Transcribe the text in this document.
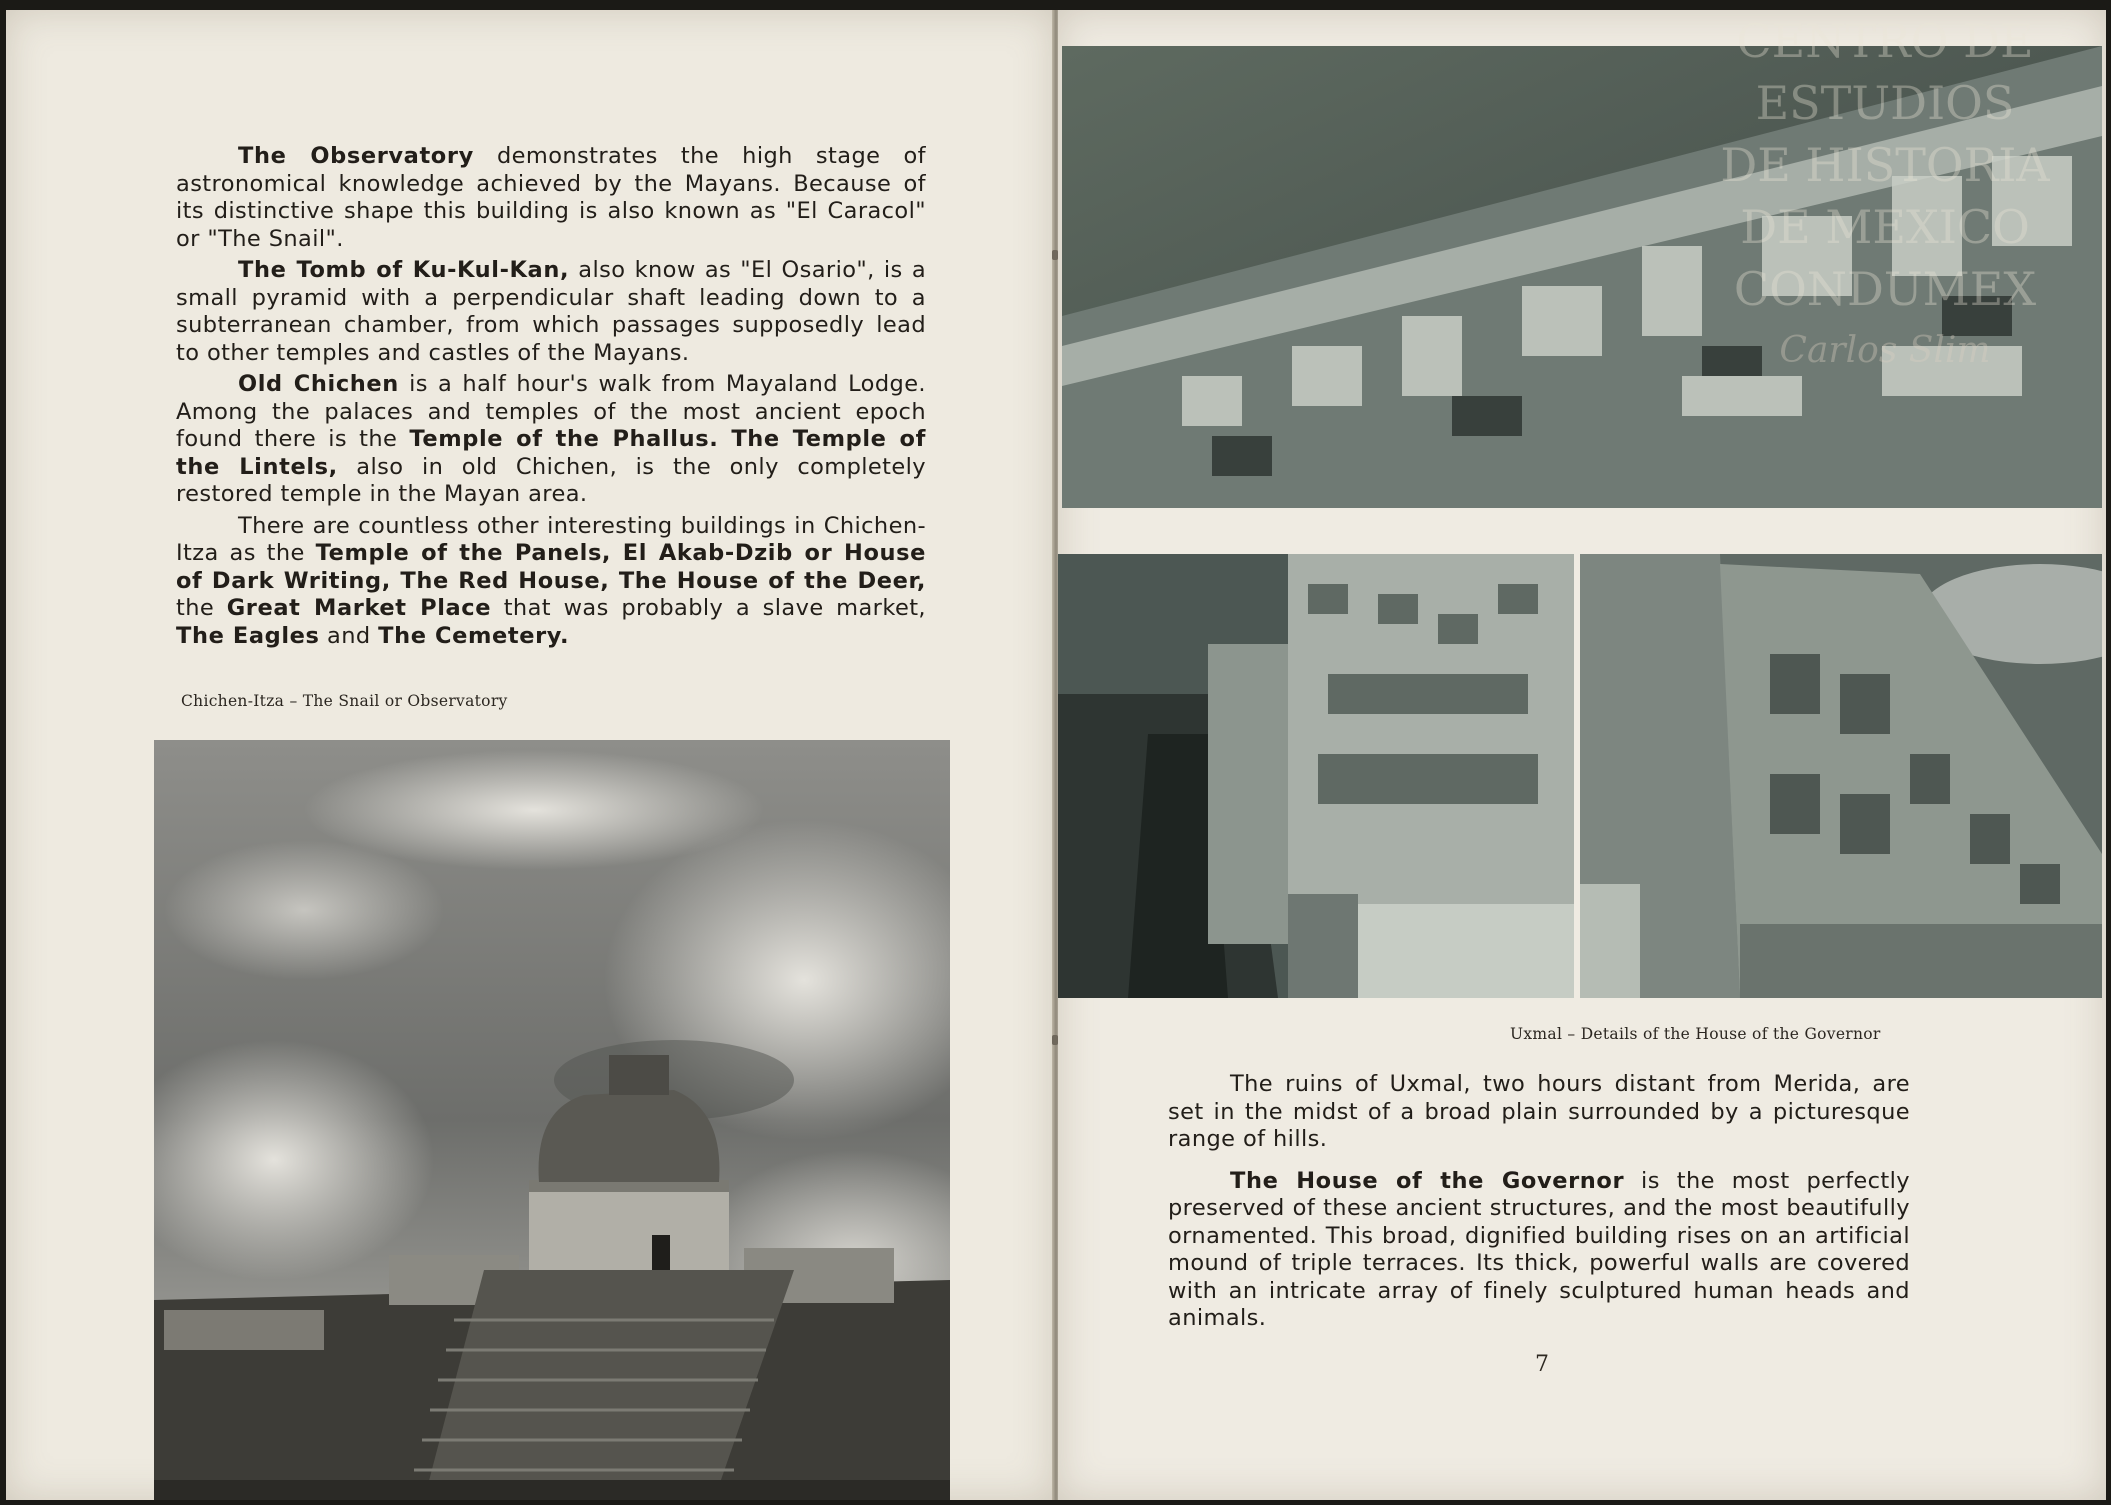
The Observatory demonstrates the high stage of astronomical knowledge achieved by the Mayans. Because of its distinctive shape this building is also known as "El Caracol" or "The Snail".

The Tomb of Ku-Kul-Kan, also know as "El Osario", is a small pyramid with a perpendicular shaft leading down to a subterranean chamber, from which passages supposedly lead to other temples and castles of the Mayans.

Old Chichen is a half hour's walk from Mayaland Lodge. Among the palaces and temples of the most ancient epoch found there is the Temple of the Phallus. The Temple of the Lintels, also in old Chichen, is the only completely restored temple in the Mayan area.

There are countless other interesting buildings in Chichen-Itza as the Temple of the Panels, El Akab-Dzib or House of Dark Writing, The Red House, The House of the Deer, the Great Market Place that was probably a slave market, The Eagles and The Cemetery.

Chichen-Itza – The Snail or Observatory
CENTRO DE
ESTUDIOS
DE HISTORIA
DE MEXICO
CONDUMEX
Carlos Slim
Uxmal – Details of the House of the Governor

The ruins of Uxmal, two hours distant from Merida, are set in the midst of a broad plain surrounded by a picturesque range of hills.

The House of the Governor is the most perfectly preserved of these ancient structures, and the most beautifully ornamented. This broad, dignified building rises on an artificial mound of triple terraces. Its thick, powerful walls are covered with an intricate array of finely sculptured human heads and animals.

7
